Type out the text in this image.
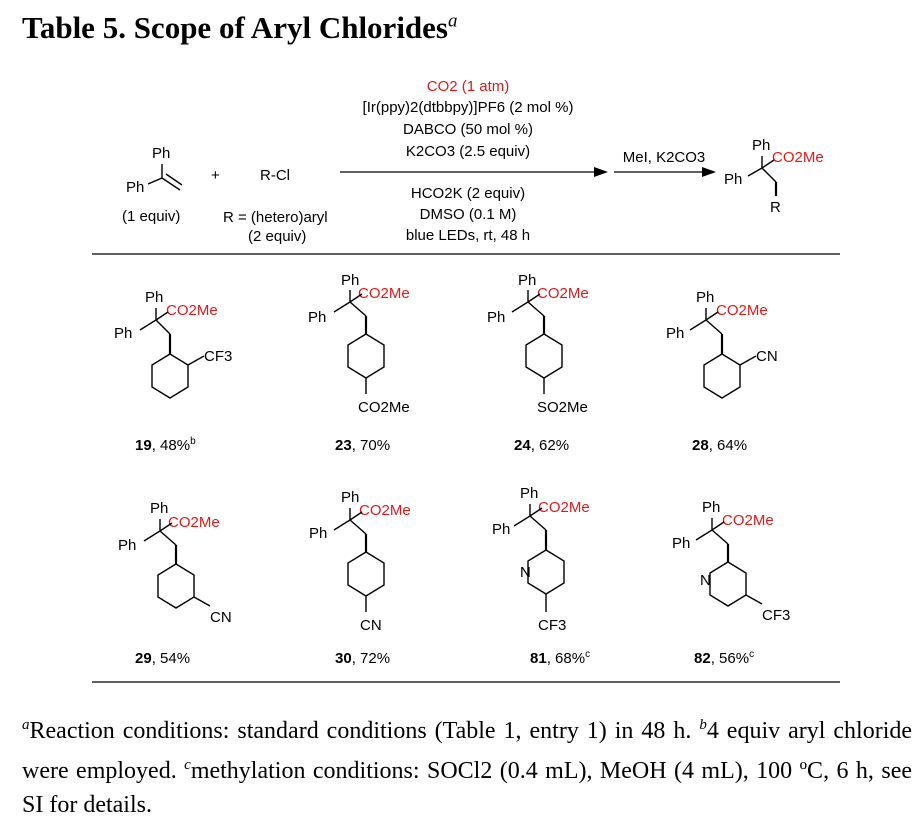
Table 5. Scope of Aryl Chlorides$^a$
Ph
Ph
(1 equiv)
+	R-Cl
R = (hetero)aryl
(2 equiv)
CO2 (1 atm)
[Ir(ppy)2(dtbbpy)]PF6 (2 mol %)
DABCO (50 mol %)
K2CO3 (2.5 equiv)
HCO2K (2 equiv)
DMSO (0.1 M)
blue LEDs, rt, 48 h
MeI, K2CO3
Ph
Ph
CO2Me
R
Ph
Ph
CO2Me
CF3
19, 48%$^b$
Ph
Ph
CO2Me
CO2Me
23, 70%
Ph
Ph
CO2Me
SO2Me
24, 62%
Ph
Ph
CO2Me
CN
28, 64%
Ph
Ph
CO2Me
CN
29, 54%
Ph
Ph
CO2Me
CN
30, 72%
Ph
Ph
CO2Me
N
CF3
81, 68%$^c$
Ph
Ph
CO2Me
N
CF3
82, 56%$^c$
$^a$Reaction conditions: standard conditions (Table 1, entry 1) in 48 h. $^b$4 equiv aryl chloride were employed. $^c$methylation conditions: SOCl2 (0.4 mL), MeOH (4 mL), 100 ºC, 6 h, see SI for details.
